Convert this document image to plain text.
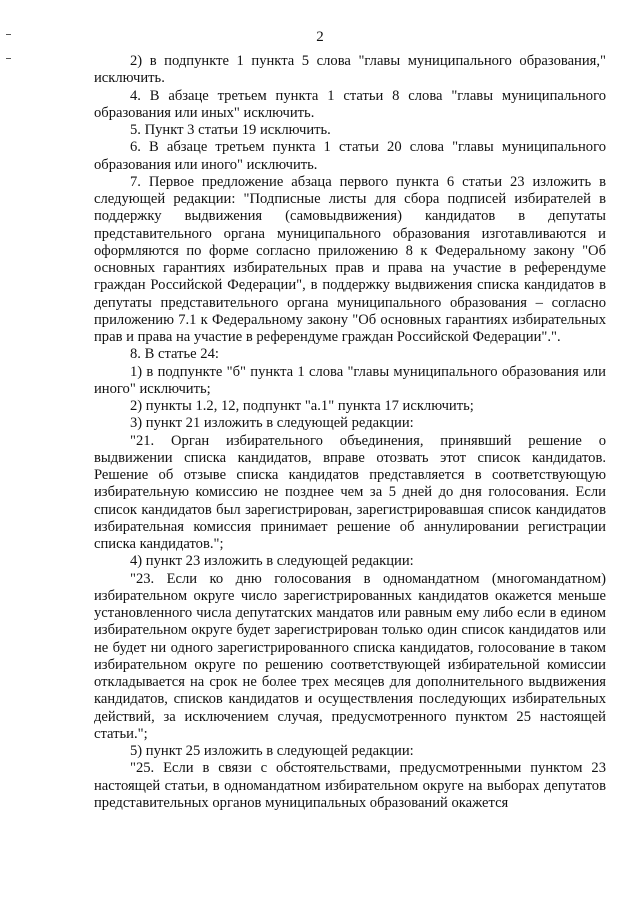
2

2) в подпункте 1 пункта 5 слова "главы муниципального образования," исключить.

4. В абзаце третьем пункта 1 статьи 8 слова "главы муниципального образования или иных" исключить.

5. Пункт 3 статьи 19 исключить.

6. В абзаце третьем пункта 1 статьи 20 слова "главы муниципального образования или иного" исключить.

7. Первое предложение абзаца первого пункта 6 статьи 23 изложить в следующей редакции: "Подписные листы для сбора подписей избирателей в поддержку выдвижения (самовыдвижения) кандидатов в депутаты представительного органа муниципального образования изготавливаются и оформляются по форме согласно приложению 8 к Федеральному закону "Об основных гарантиях избирательных прав и права на участие в референдуме граждан Российской Федерации", в поддержку выдвижения списка кандидатов в депутаты представительного органа муниципального образования – согласно приложению 7.1 к Федеральному закону "Об основных гарантиях избирательных прав и права на участие в референдуме граждан Российской Федерации".".

8. В статье 24:

1) в подпункте "б" пункта 1 слова "главы муниципального образования или иного" исключить;

2) пункты 1.2, 12, подпункт "а.1" пункта 17 исключить;

3) пункт 21 изложить в следующей редакции:

"21. Орган избирательного объединения, принявший решение о выдвижении списка кандидатов, вправе отозвать этот список кандидатов. Решение об отзыве списка кандидатов представляется в соответствующую избирательную комиссию не позднее чем за 5 дней до дня голосования. Если список кандидатов был зарегистрирован, зарегистрировавшая список кандидатов избирательная комиссия принимает решение об аннулировании регистрации списка кандидатов.";

4) пункт 23 изложить в следующей редакции:

"23. Если ко дню голосования в одномандатном (многомандатном) избирательном округе число зарегистрированных кандидатов окажется меньше установленного числа депутатских мандатов или равным ему либо если в едином избирательном округе будет зарегистрирован только один список кандидатов или не будет ни одного зарегистрированного списка кандидатов, голосование в таком избирательном округе по решению соответствующей избирательной комиссии откладывается на срок не более трех месяцев для дополнительного выдвижения кандидатов, списков кандидатов и осуществления последующих избирательных действий, за исключением случая, предусмотренного пунктом 25 настоящей статьи.";

5) пункт 25 изложить в следующей редакции:

"25. Если в связи с обстоятельствами, предусмотренными пунктом 23 настоящей статьи, в одномандатном избирательном округе на выборах депутатов представительных органов муниципальных образований окажется
